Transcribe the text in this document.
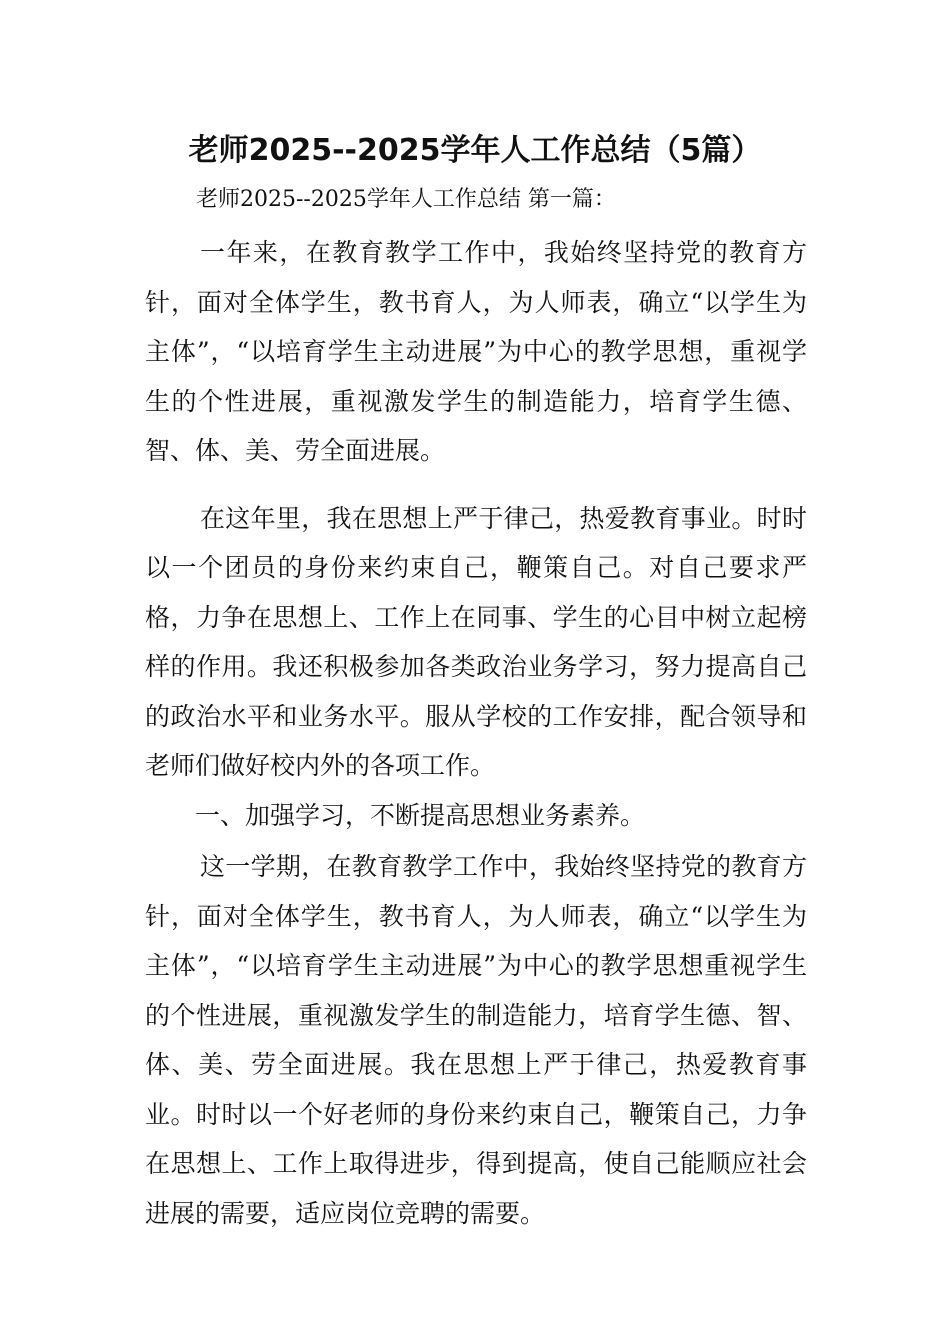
老师2025--2025学年人工作总结（5篇）
老师2025--2025学年人工作总结 第一篇：

一年来，在教育教学工作中，我始终坚持党的教育方针，面对全体学生，教书育人，为人师表，确立“以学生为主体”，“以培育学生主动进展”为中心的教学思想，重视学生的个性进展，重视激发学生的制造能力，培育学生德、智、体、美、劳全面进展。

在这年里，我在思想上严于律己，热爱教育事业。时时以一个团员的身份来约束自己，鞭策自己。对自己要求严格，力争在思想上、工作上在同事、学生的心目中树立起榜样的作用。我还积极参加各类政治业务学习，努力提高自己的政治水平和业务水平。服从学校的工作安排，配合领导和老师们做好校内外的各项工作。

一、加强学习，不断提高思想业务素养。

这一学期，在教育教学工作中，我始终坚持党的教育方针，面对全体学生，教书育人，为人师表，确立“以学生为主体”，“以培育学生主动进展”为中心的教学思想重视学生的个性进展，重视激发学生的制造能力，培育学生德、智、体、美、劳全面进展。我在思想上严于律己，热爱教育事业。时时以一个好老师的身份来约束自己，鞭策自己，力争在思想上、工作上取得进步，得到提高，使自己能顺应社会进展的需要，适应岗位竞聘的需要。
